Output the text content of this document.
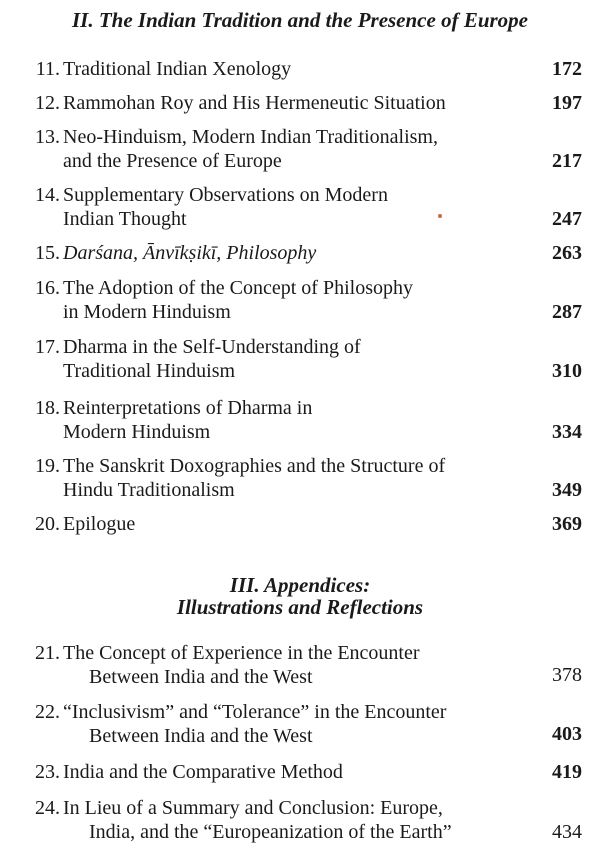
II. The Indian Tradition and the Presence of Europe
11. Traditional Indian Xenology	172
12. Rammohan Roy and His Hermeneutic Situation	197
13. Neo-Hinduism, Modern Indian Traditionalism,
and the Presence of Europe	217
14. Supplementary Observations on Modern
Indian Thought	247
15. Darśana, Ānvīkṣikī, Philosophy	263
16. The Adoption of the Concept of Philosophy
in Modern Hinduism	287
17. Dharma in the Self-Understanding of
Traditional Hinduism	310
18. Reinterpretations of Dharma in
Modern Hinduism	334
19. The Sanskrit Doxographies and the Structure of
Hindu Traditionalism	349
20. Epilogue	369
III. Appendices:
Illustrations and Reflections
21. The Concept of Experience in the Encounter
Between India and the West	378
22. “Inclusivism” and “Tolerance” in the Encounter
Between India and the West	403
23. India and the Comparative Method	419
24. In Lieu of a Summary and Conclusion: Europe,
India, and the “Europeanization of the Earth”	434
